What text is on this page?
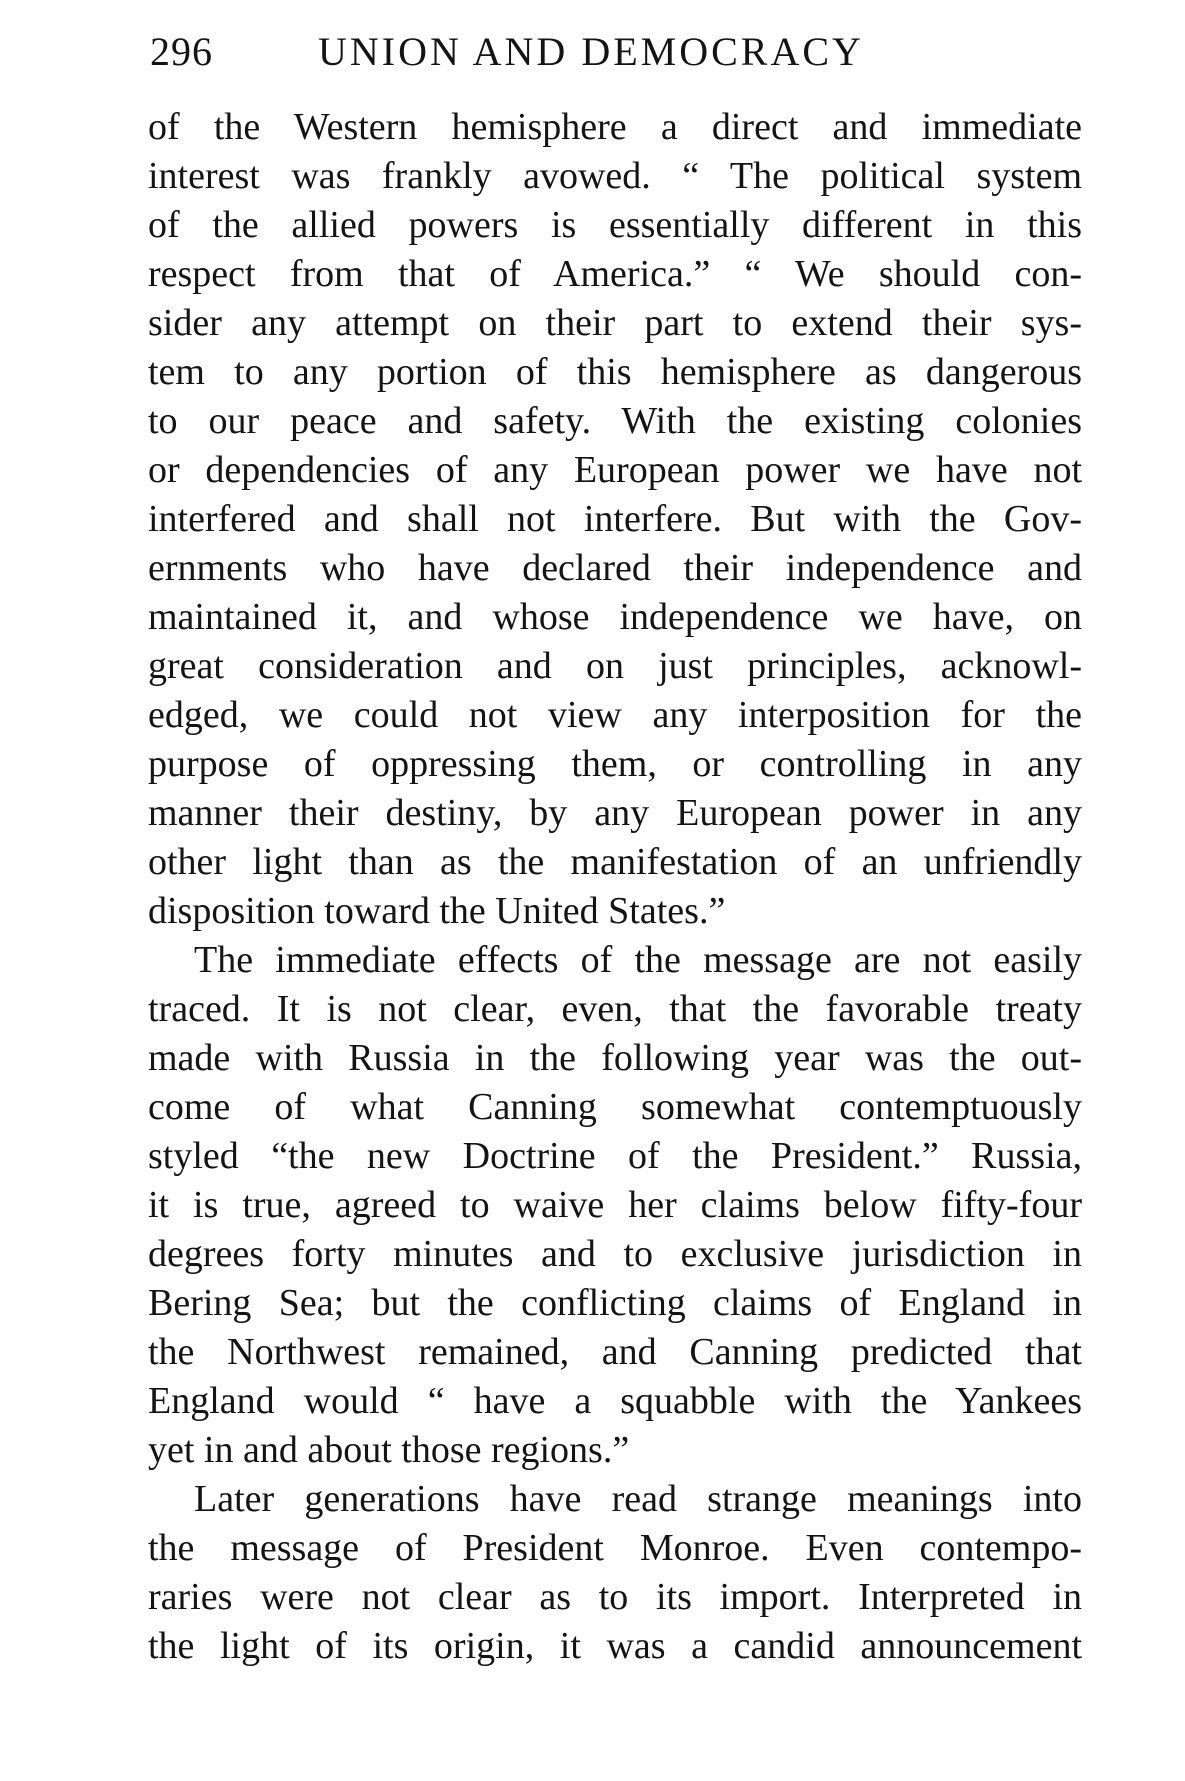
296	UNION AND DEMOCRACY
of the Western hemisphere a direct and immediate
interest was frankly avowed. “ The political system
of the allied powers is essentially different in this
respect from that of America.” “ We should con-
sider any attempt on their part to extend their sys-
tem to any portion of this hemisphere as dangerous
to our peace and safety. With the existing colonies
or dependencies of any European power we have not
interfered and shall not interfere. But with the Gov-
ernments who have declared their independence and
maintained it, and whose independence we have, on
great consideration and on just principles, acknowl-
edged, we could not view any interposition for the
purpose of oppressing them, or controlling in any
manner their destiny, by any European power in any
other light than as the manifestation of an unfriendly
disposition toward the United States.”
The immediate effects of the message are not easily
traced. It is not clear, even, that the favorable treaty
made with Russia in the following year was the out-
come of what Canning somewhat contemptuously
styled “the new Doctrine of the President.” Russia,
it is true, agreed to waive her claims below fifty-four
degrees forty minutes and to exclusive jurisdiction in
Bering Sea; but the conflicting claims of England in
the Northwest remained, and Canning predicted that
England would “ have a squabble with the Yankees
yet in and about those regions.”
Later generations have read strange meanings into
the message of President Monroe. Even contempo-
raries were not clear as to its import. Interpreted in
the light of its origin, it was a candid announcement
